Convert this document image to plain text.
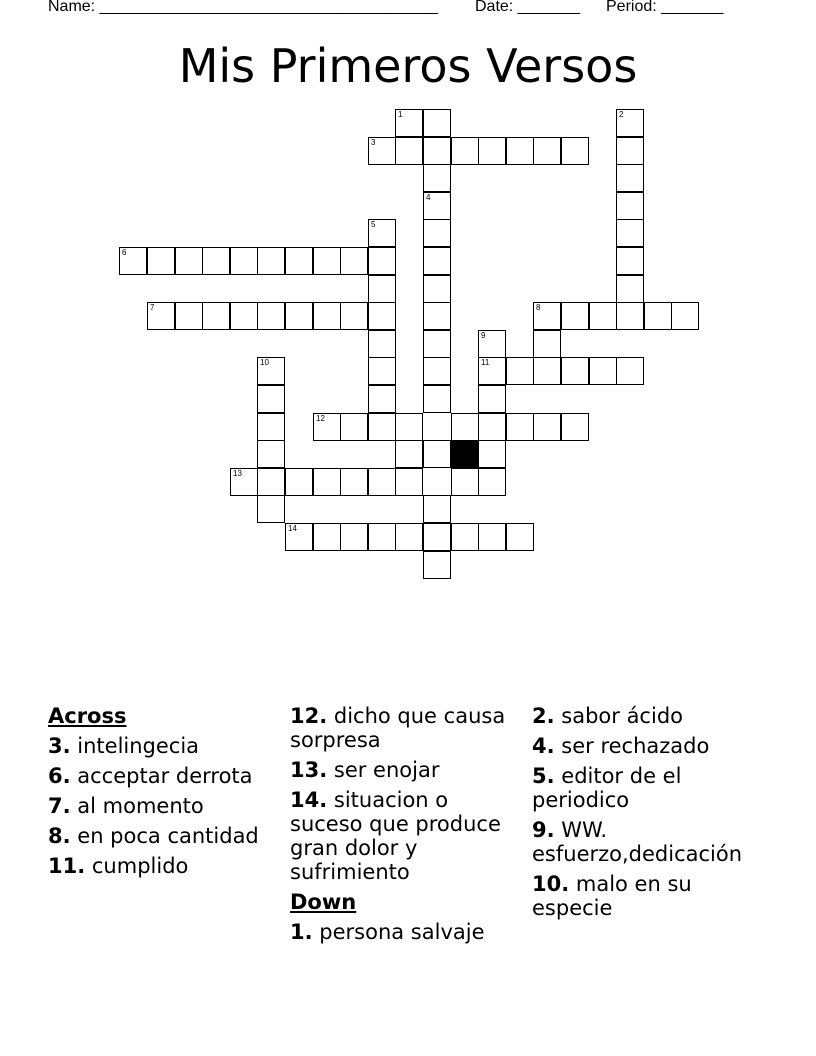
Name: ______________________________________

Date: _______

Period: _______

Mis Primeros Versos
1
3
2
4
5
6
7	8
9
10	11
12
13
14
Across
3. intelingecia
6. acceptar derrota
7. al momento
8. en poca cantidad
11. cumplido
12. dicho que causa sorpresa
13. ser enojar
14. situacion o suceso que produce gran dolor y sufrimiento
Down
1. persona salvaje
2. sabor ácido
4. ser rechazado
5. editor de el periodico
9. WW. esfuerzo,dedicación
10. malo en su especie
